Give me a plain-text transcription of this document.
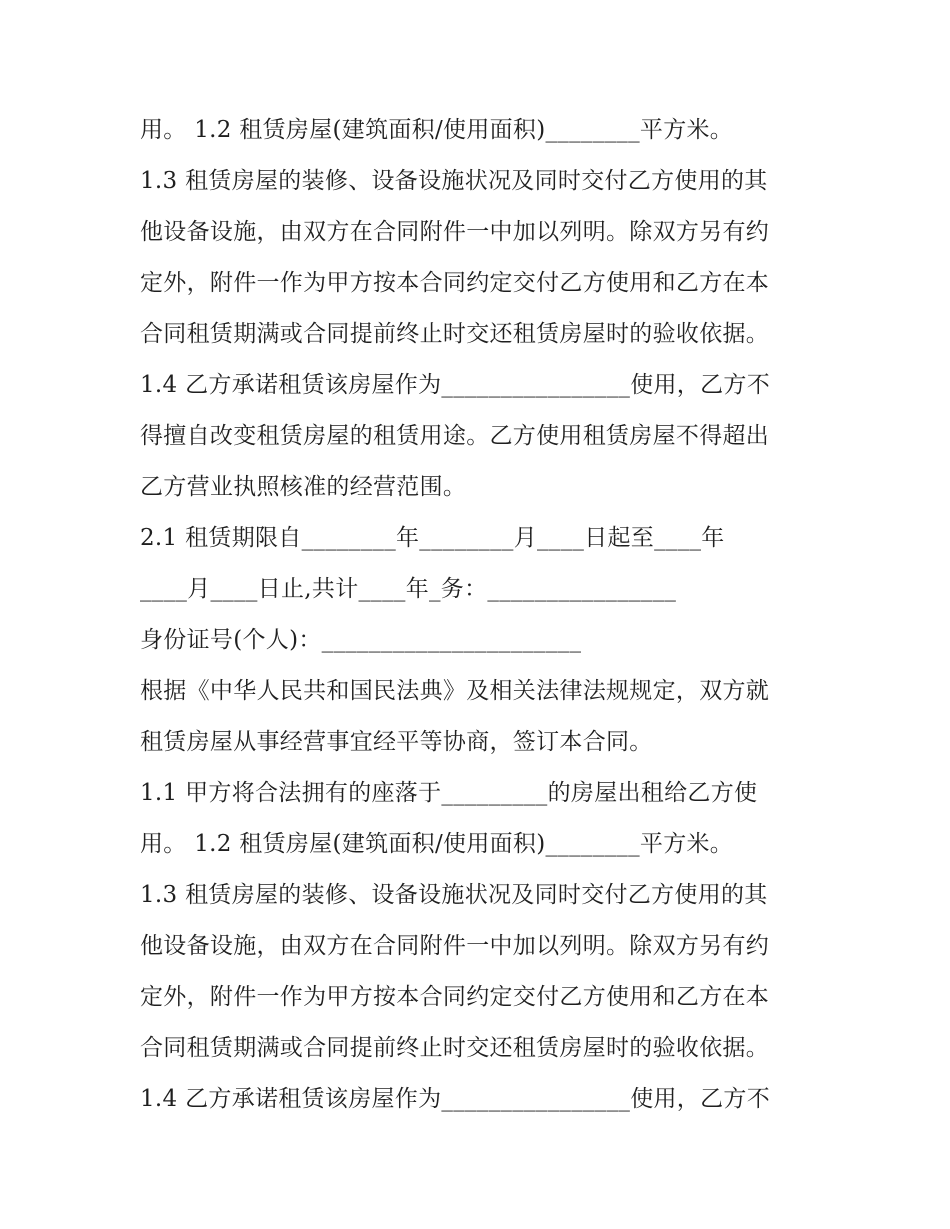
用。 1.2 租赁房屋(建筑面积/使用面积)________平方米。
1.3 租赁房屋的装修、设备设施状况及同时交付乙方使用的其
他设备设施，由双方在合同附件一中加以列明。除双方另有约
定外，附件一作为甲方按本合同约定交付乙方使用和乙方在本
合同租赁期满或合同提前终止时交还租赁房屋时的验收依据。
1.4 乙方承诺租赁该房屋作为________________使用，乙方不
得擅自改变租赁房屋的租赁用途。乙方使用租赁房屋不得超出
乙方营业执照核准的经营范围。
2.1 租赁期限自________年________月____日起至____年
____月____日止,共计____年_务：________________
身份证号(个人)：______________________
根据《中华人民共和国民法典》及相关法律法规规定，双方就
租赁房屋从事经营事宜经平等协商，签订本合同。
1.1 甲方将合法拥有的座落于_________的房屋出租给乙方使
用。 1.2 租赁房屋(建筑面积/使用面积)________平方米。
1.3 租赁房屋的装修、设备设施状况及同时交付乙方使用的其
他设备设施，由双方在合同附件一中加以列明。除双方另有约
定外，附件一作为甲方按本合同约定交付乙方使用和乙方在本
合同租赁期满或合同提前终止时交还租赁房屋时的验收依据。
1.4 乙方承诺租赁该房屋作为________________使用，乙方不
